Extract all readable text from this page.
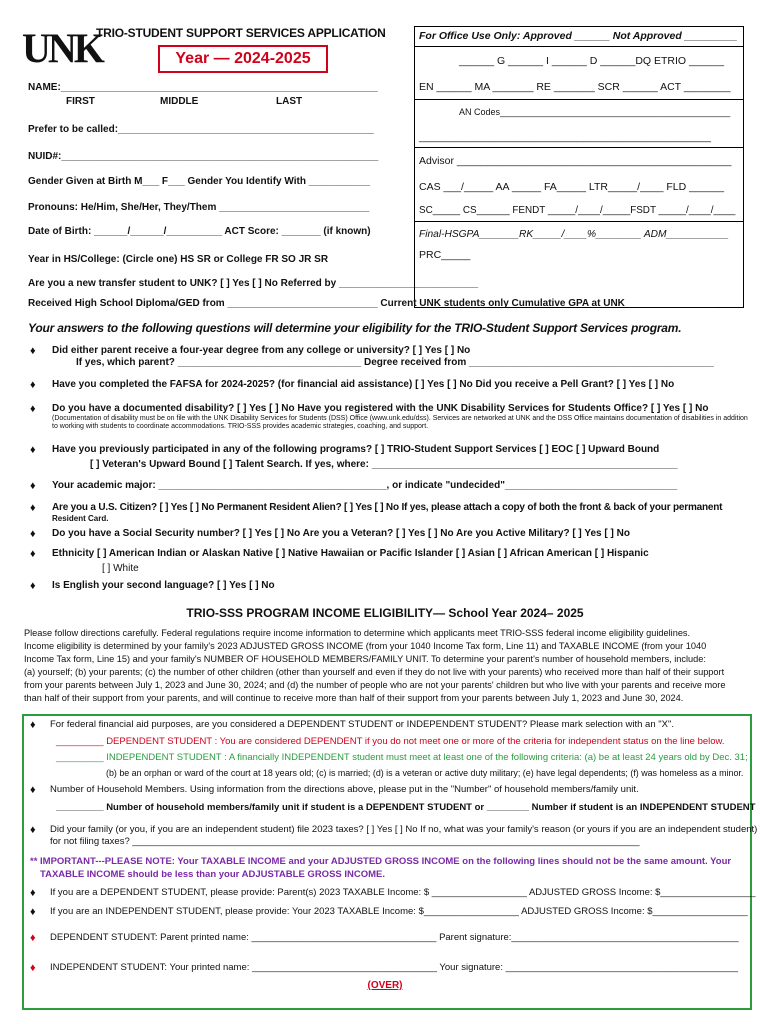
UNK
TRIO-STUDENT SUPPORT SERVICES APPLICATION
Year — 2024-2025
For Office Use Only: Approved ______ Not Approved _________
______ G ______ I ______ D ______DQ ETRIO ______
EN ______ MA _______ RE _______ SCR ______ ACT ________
AN Codes______________________________________________
__________________________________________________
Advisor _______________________________________________
CAS ___/_____ AA _____ FA_____ LTR_____/____ FLD ______
SC_____ CS______ FENDT _____/____/_____FSDT _____/____/____
Final-HSGPA_______RK_____/____%________ ADM___________
PRC_____
NAME:_________________________________________________________
FIRST	MIDDLE	LAST
Prefer to be called:______________________________________________
NUID#:_________________________________________________________
Gender Given at Birth M___ F___ Gender You Identify With ___________
Pronouns: He/Him, She/Her, They/Them ___________________________
Date of Birth: ______/______/__________ ACT Score: _______ (if known)
Year in HS/College: (Circle one) HS SR or College FR SO JR SR
Are you a new transfer student to UNK? [ ] Yes [ ] No Referred by _________________________
Received High School Diploma/GED from ___________________________ Current UNK students only Cumulative GPA at UNK ________________
Your answers to the following questions will determine your eligibility for the TRIO-Student Support Services program.
♦ Did either parent receive a four-year degree from any college or university? [ ] Yes [ ] No
If yes, which parent? _________________________________ Degree received from ____________________________________________
♦ Have you completed the FAFSA for 2024-2025? (for financial aid assistance) [ ] Yes [ ] No Did you receive a Pell Grant? [ ] Yes [ ] No
♦ Do you have a documented disability? [ ] Yes [ ] No Have you registered with the UNK Disability Services for Students Office? [ ] Yes [ ] No
(Documentation of disability must be on file with the UNK Disability Services for Students (DSS) Office (www.unk.edu/dss). Services are networked at UNK and the DSS Office maintains documentation of disabilities in addition to working with students to coordinate accommodations. TRIO-SSS provides academic strategies, coaching, and support.
♦ Have you previously participated in any of the following programs? [ ] TRIO-Student Support Services [ ] EOC [ ] Upward Bound
[ ] Veteran's Upward Bound [ ] Talent Search. If yes, where: _______________________________________________________
♦ Your academic major: _________________________________________, or indicate "undecided"_______________________________
♦ Are you a U.S. Citizen? [ ] Yes [ ] No Permanent Resident Alien? [ ] Yes [ ] No If yes, please attach a copy of both the front & back of your permanent
Resident Card.
♦ Do you have a Social Security number? [ ] Yes [ ] No Are you a Veteran? [ ] Yes [ ] No Are you Active Military? [ ] Yes [ ] No
♦ Ethnicity [ ] American Indian or Alaskan Native [ ] Native Hawaiian or Pacific Islander [ ] Asian [ ] African American [ ] Hispanic
[ ] White
♦ Is English your second language? [ ] Yes [ ] No
TRIO-SSS PROGRAM INCOME ELIGIBILITY— School Year 2024– 2025
Please follow directions carefully. Federal regulations require income information to determine which applicants meet TRIO-SSS federal income eligibility guidelines.
Income eligibility is determined by your family's 2023 ADJUSTED GROSS INCOME (from your 1040 Income Tax form, Line 11) and TAXABLE INCOME (from your 1040
Income Tax form, Line 15) and your family's NUMBER OF HOUSEHOLD MEMBERS/FAMILY UNIT. To determine your parent's number of household members, include:
(a) yourself; (b) your parents; (c) the number of other children (other than yourself and even if they do not live with your parents) who received more than half of their support
from your parents between July 1, 2023 and June 30, 2024; and (d) the number of people who are not your parents' children but who live with your parents and receive more
than half of their support from your parents, and will continue to receive more than half of their support from your parents between July 1, 2023 and June 30, 2024.
♦ For federal financial aid purposes, are you considered a DEPENDENT STUDENT or INDEPENDENT STUDENT? Please mark selection with an "X".
_________ DEPENDENT STUDENT : You are considered DEPENDENT if you do not meet one or more of the criteria for independent status on the line below.
_________ INDEPENDENT STUDENT : A financially INDEPENDENT student must meet at least one of the following criteria: (a) be at least 24 years old by Dec. 31;
(b) be an orphan or ward of the court at 18 years old; (c) is married; (d) is a veteran or active duty military; (e) have legal dependents; (f) was homeless as a minor.
♦ Number of Household Members. Using information from the directions above, please put in the "Number" of household members/family unit.
_________ Number of household members/family unit if student is a DEPENDENT STUDENT or ________ Number if student is an INDEPENDENT STUDENT
♦ Did your family (or you, if you are an independent student) file 2023 taxes? [ ] Yes [ ] No If no, what was your family's reason (or yours if you are an independent student)
for not filing taxes? ________________________________________________________________________________________________
** IMPORTANT---PLEASE NOTE: Your TAXABLE INCOME and your ADJUSTED GROSS INCOME on the following lines should not be the same amount. Your
TAXABLE INCOME should be less than your ADJUSTABLE GROSS INCOME.
♦ If you are a DEPENDENT STUDENT, please provide: Parent(s) 2023 TAXABLE Income: $ __________________ ADJUSTED GROSS Income: $__________________
♦ If you are an INDEPENDENT STUDENT, please provide: Your 2023 TAXABLE Income: $__________________ ADJUSTED GROSS Income: $__________________
♦ DEPENDENT STUDENT: Parent printed name: ___________________________________ Parent signature:___________________________________________
♦ INDEPENDENT STUDENT: Your printed name: ___________________________________ Your signature: ____________________________________________
(OVER)
